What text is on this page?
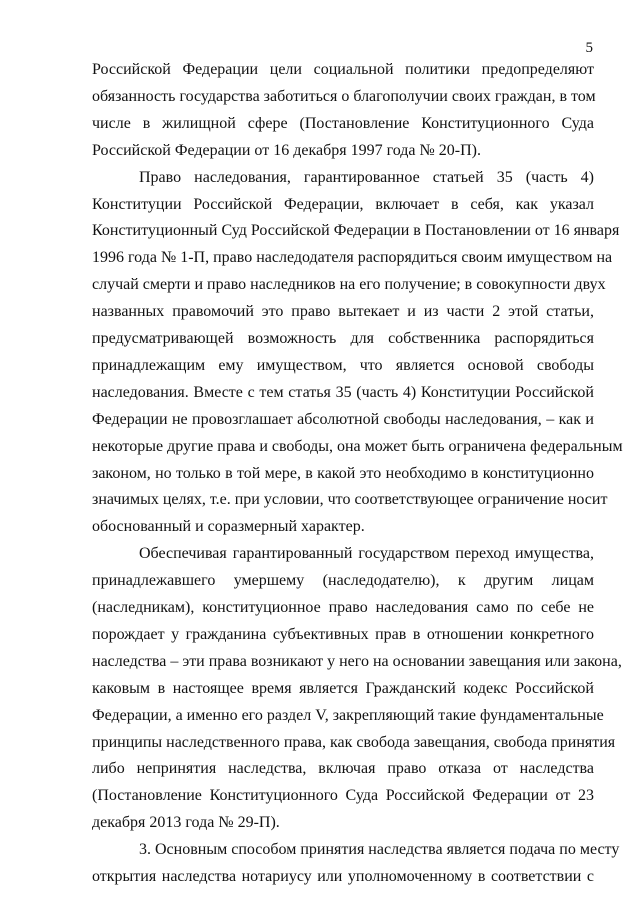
5
Российской Федерации цели социальной политики предопределяют
обязанность государства заботиться о благополучии своих граждан, в том
числе в жилищной сфере (Постановление Конституционного Суда
Российской Федерации от 16 декабря 1997 года № 20-П).
Право наследования, гарантированное статьей 35 (часть 4)
Конституции Российской Федерации, включает в себя, как указал
Конституционный Суд Российской Федерации в Постановлении от 16 января
1996 года № 1-П, право наследодателя распорядиться своим имуществом на
случай смерти и право наследников на его получение; в совокупности двух
названных правомочий это право вытекает и из части 2 этой статьи,
предусматривающей возможность для собственника распорядиться
принадлежащим ему имуществом, что является основой свободы
наследования. Вместе с тем статья 35 (часть 4) Конституции Российской
Федерации не провозглашает абсолютной свободы наследования, – как и
некоторые другие права и свободы, она может быть ограничена федеральным
законом, но только в той мере, в какой это необходимо в конституционно
значимых целях, т.е. при условии, что соответствующее ограничение носит
обоснованный и соразмерный характер.
Обеспечивая гарантированный государством переход имущества,
принадлежавшего умершему (наследодателю), к другим лицам
(наследникам), конституционное право наследования само по себе не
порождает у гражданина субъективных прав в отношении конкретного
наследства – эти права возникают у него на основании завещания или закона,
каковым в настоящее время является Гражданский кодекс Российской
Федерации, а именно его раздел V, закрепляющий такие фундаментальные
принципы наследственного права, как свобода завещания, свобода принятия
либо непринятия наследства, включая право отказа от наследства
(Постановление Конституционного Суда Российской Федерации от 23
декабря 2013 года № 29-П).
3. Основным способом принятия наследства является подача по месту
открытия наследства нотариусу или уполномоченному в соответствии с
